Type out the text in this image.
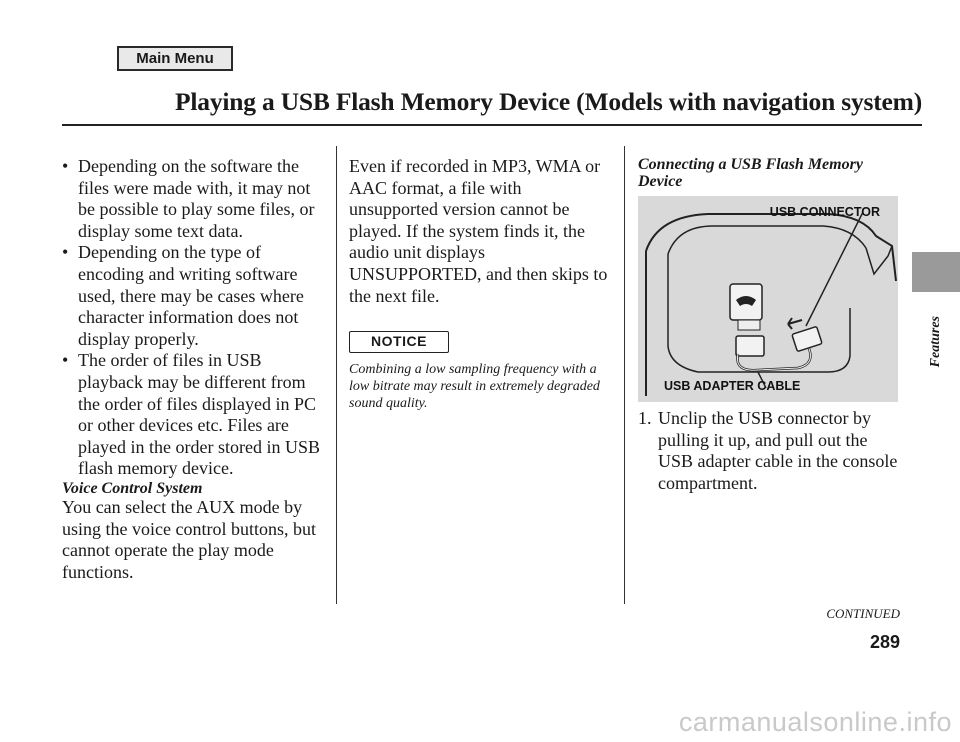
Main Menu
Playing a USB Flash Memory Device (Models with navigation system)
• Depending on the software the files were made with, it may not be possible to play some files, or display some text data.
• Depending on the type of encoding and writing software used, there may be cases where character information does not display properly.
• The order of files in USB playback may be different from the order of files displayed in PC or other devices etc. Files are played in the order stored in USB flash memory device.
Voice Control System

You can select the AUX mode by using the voice control buttons, but cannot operate the play mode functions.

Even if recorded in MP3, WMA or AAC format, a file with unsupported version cannot be played. If the system finds it, the audio unit displays UNSUPPORTED, and then skips to the next file.

NOTICE

Combining a low sampling frequency with a low bitrate may result in extremely degraded sound quality.

Connecting a USB Flash Memory Device
USB CONNECTOR
USB ADAPTER CABLE
1. Unclip the USB connector by pulling it up, and pull out the USB adapter cable in the console compartment.
CONTINUED
289
Features
carmanualsonline.info
